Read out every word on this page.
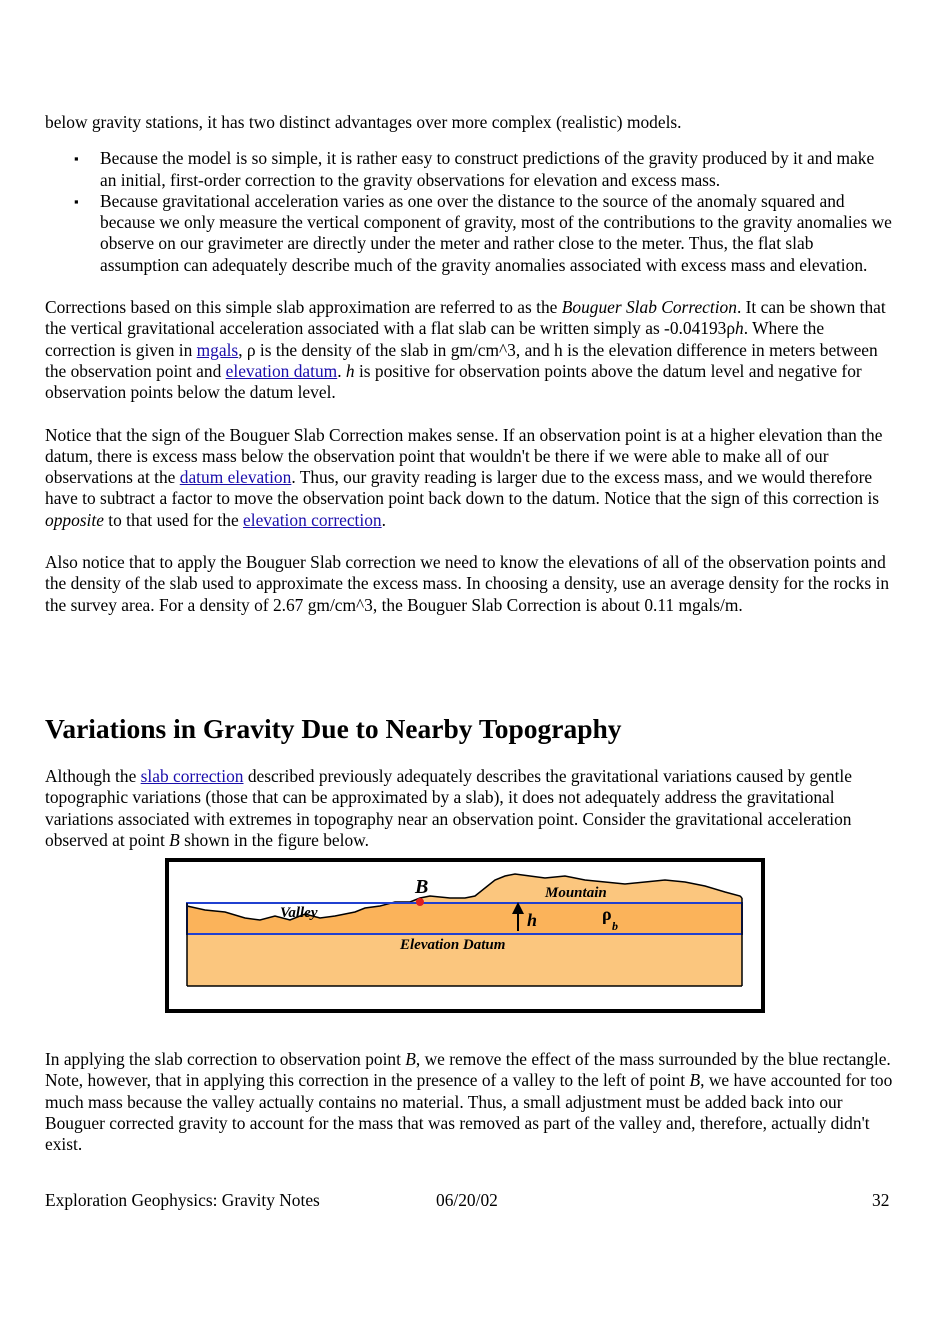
below gravity stations, it has two distinct advantages over more complex (realistic) models.

▪ Because the model is so simple, it is rather easy to construct predictions of the gravity produced by it and make an initial, first-order correction to the gravity observations for elevation and excess mass.
▪ Because gravitational acceleration varies as one over the distance to the source of the anomaly squared and because we only measure the vertical component of gravity, most of the contributions to the gravity anomalies we observe on our gravimeter are directly under the meter and rather close to the meter. Thus, the flat slab assumption can adequately describe much of the gravity anomalies associated with excess mass and elevation.

Corrections based on this simple slab approximation are referred to as the Bouguer Slab Correction. It can be shown that the vertical gravitational acceleration associated with a flat slab can be written simply as -0.04193ρh. Where the correction is given in mgals, ρ is the density of the slab in gm/cm^3, and h is the elevation difference in meters between the observation point and elevation datum. h is positive for observation points above the datum level and negative for observation points below the datum level.

Notice that the sign of the Bouguer Slab Correction makes sense. If an observation point is at a higher elevation than the datum, there is excess mass below the observation point that wouldn't be there if we were able to make all of our observations at the datum elevation. Thus, our gravity reading is larger due to the excess mass, and we would therefore have to subtract a factor to move the observation point back down to the datum. Notice that the sign of this correction is opposite to that used for the elevation correction.

Also notice that to apply the Bouguer Slab correction we need to know the elevations of all of the observation points and the density of the slab used to approximate the excess mass. In choosing a density, use an average density for the rocks in the survey area. For a density of 2.67 gm/cm^3, the Bouguer Slab Correction is about 0.11 mgals/m.

Variations in Gravity Due to Nearby Topography
Although the slab correction described previously adequately describes the gravitational variations caused by gentle topographic variations (those that can be approximated by a slab), it does not adequately address the gravitational variations associated with extremes in topography near an observation point. Consider the gravitational acceleration observed at point B shown in the figure below.
B	Mountain
Valley	h	ρ
b
Elevation Datum
In applying the slab correction to observation point B, we remove the effect of the mass surrounded by the blue rectangle. Note, however, that in applying this correction in the presence of a valley to the left of point B, we have accounted for too much mass because the valley actually contains no material. Thus, a small adjustment must be added back into our Bouguer corrected gravity to account for the mass that was removed as part of the valley and, therefore, actually didn't exist.
Exploration Geophysics: Gravity Notes	06/20/02	32
